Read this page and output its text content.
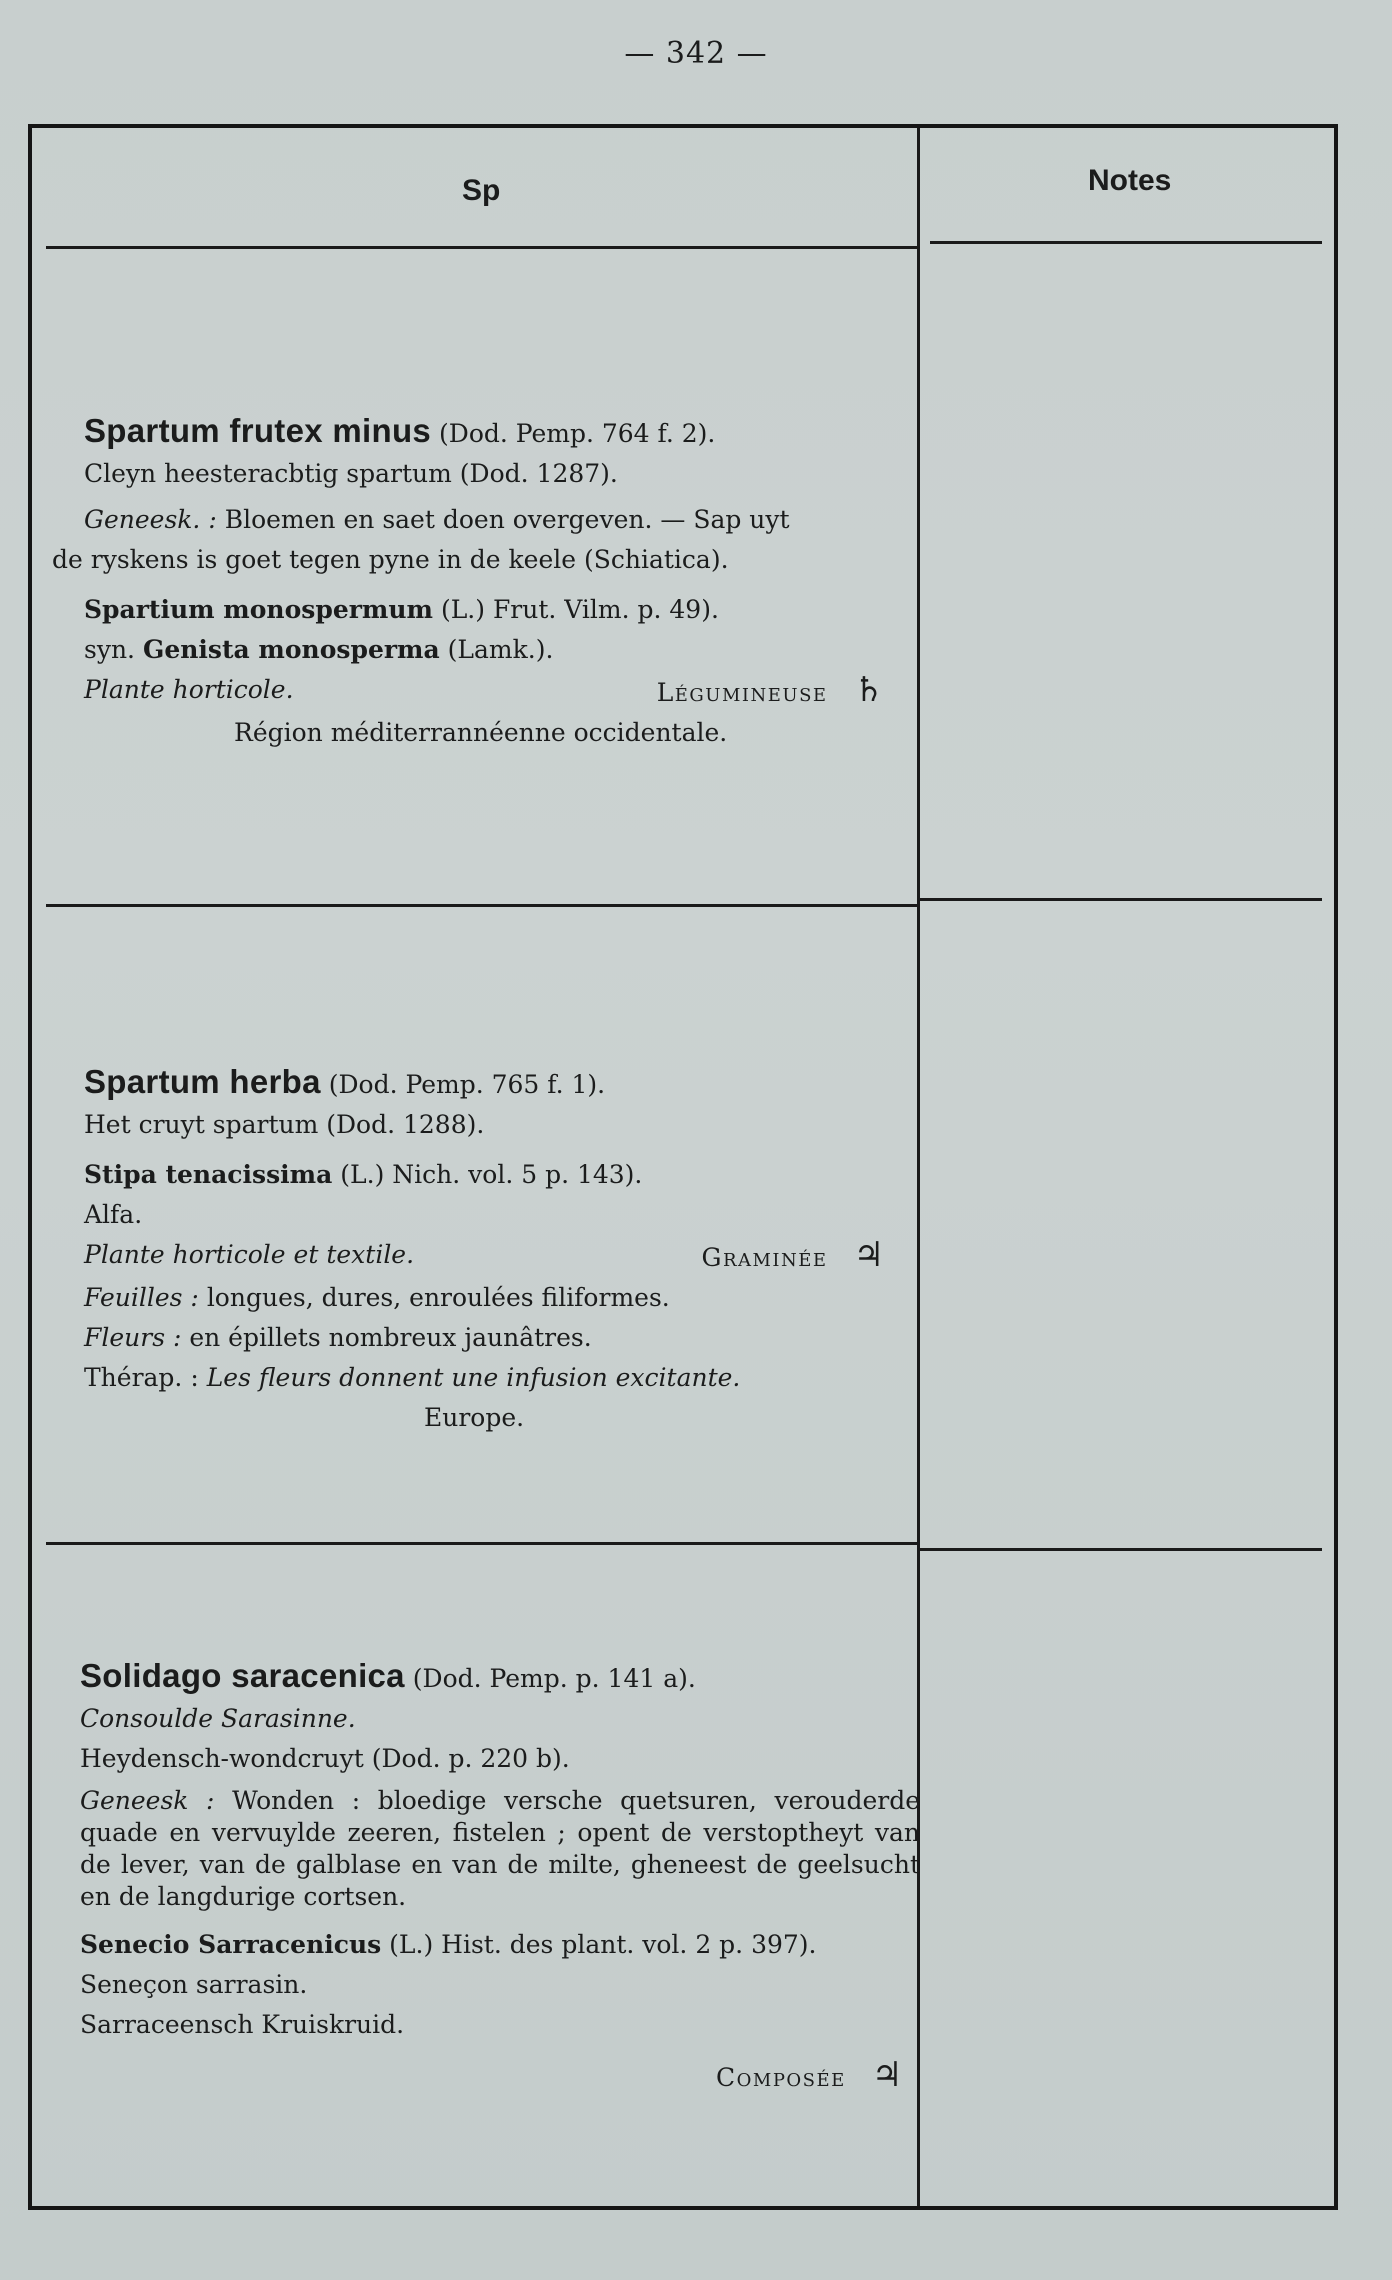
— 342 —
Sp	Notes
Spartum frutex minus (Dod. Pemp. 764 f. 2).
Cleyn heesteracbtig spartum (Dod. 1287).
Geneesk. : Bloemen en saet doen overgeven. — Sap uyt
de ryskens is goet tegen pyne in de keele (Schiatica).
Spartium monospermum (L.) Frut. Vilm. p. 49).
syn. Genista monosperma (Lamk.).
Plante horticole.	Légumineuse ♄
Région méditerrannéenne occidentale.
Spartum herba (Dod. Pemp. 765 f. 1).
Het cruyt spartum (Dod. 1288).
Stipa tenacissima (L.) Nich. vol. 5 p. 143).
Alfa.
Plante horticole et textile.	Graminée ♃
Feuilles : longues, dures, enroulées filiformes.
Fleurs : en épillets nombreux jaunâtres.
Thérap. : Les fleurs donnent une infusion excitante.
Europe.
Solidago saracenica (Dod. Pemp. p. 141 a).
Consoulde Sarasinne.
Heydensch-wondcruyt (Dod. p. 220 b).
Geneesk : Wonden : bloedige versche quetsuren, verouderde quade en vervuylde zeeren, fistelen ; opent de verstoptheyt van de lever, van de galblase en van de milte, gheneest de geelsucht en de langdurige cortsen.
Senecio Sarracenicus (L.) Hist. des plant. vol. 2 p. 397).
Seneçon sarrasin.
Sarraceensch Kruiskruid.
Composée ♃
